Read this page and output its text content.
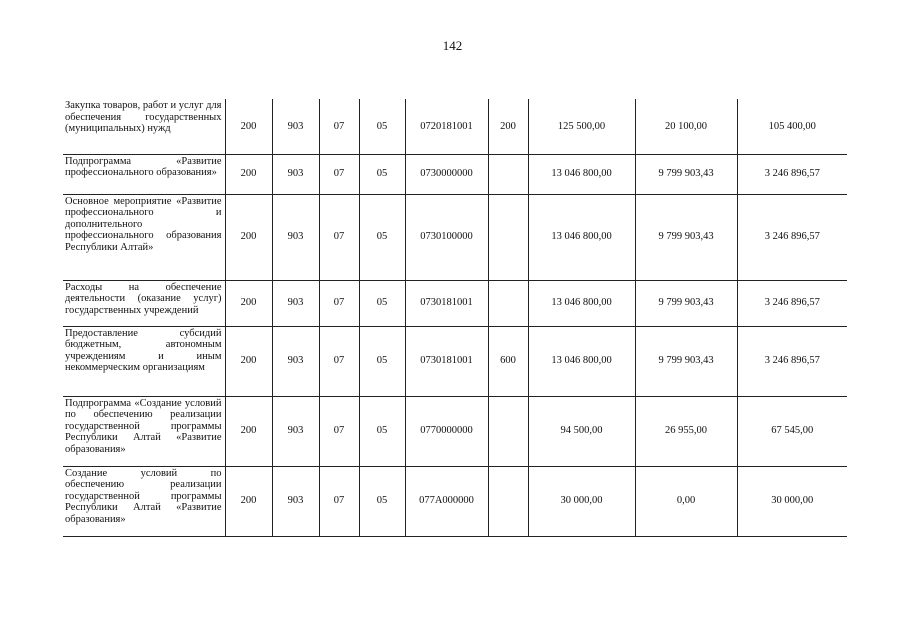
142
Закупка товаров, работ и услуг для обеспечения государственных (муниципальных) нужд	200	903	07	05	0720181001	200	125 500,00	20 100,00	105 400,00
Подпрограмма «Развитие профессионального образования»	200	903	07	05	0730000000		13 046 800,00	9 799 903,43	3 246 896,57
Основное мероприятие «Развитие профессионального и дополнительного профессионального образования Республики Алтай»	200	903	07	05	0730100000		13 046 800,00	9 799 903,43	3 246 896,57
Расходы на обеспечение деятельности (оказание услуг) государственных учреждений	200	903	07	05	0730181001		13 046 800,00	9 799 903,43	3 246 896,57
Предоставление субсидий бюджетным, автономным учреждениям и иным некоммерческим организациям	200	903	07	05	0730181001	600	13 046 800,00	9 799 903,43	3 246 896,57
Подпрограмма «Создание условий по обеспечению реализации государственной программы Республики Алтай «Развитие образования»	200	903	07	05	0770000000		94 500,00	26 955,00	67 545,00
Создание условий по обеспечению реализации государственной программы Республики Алтай «Развитие образования»	200	903	07	05	077А000000		30 000,00	0,00	30 000,00
